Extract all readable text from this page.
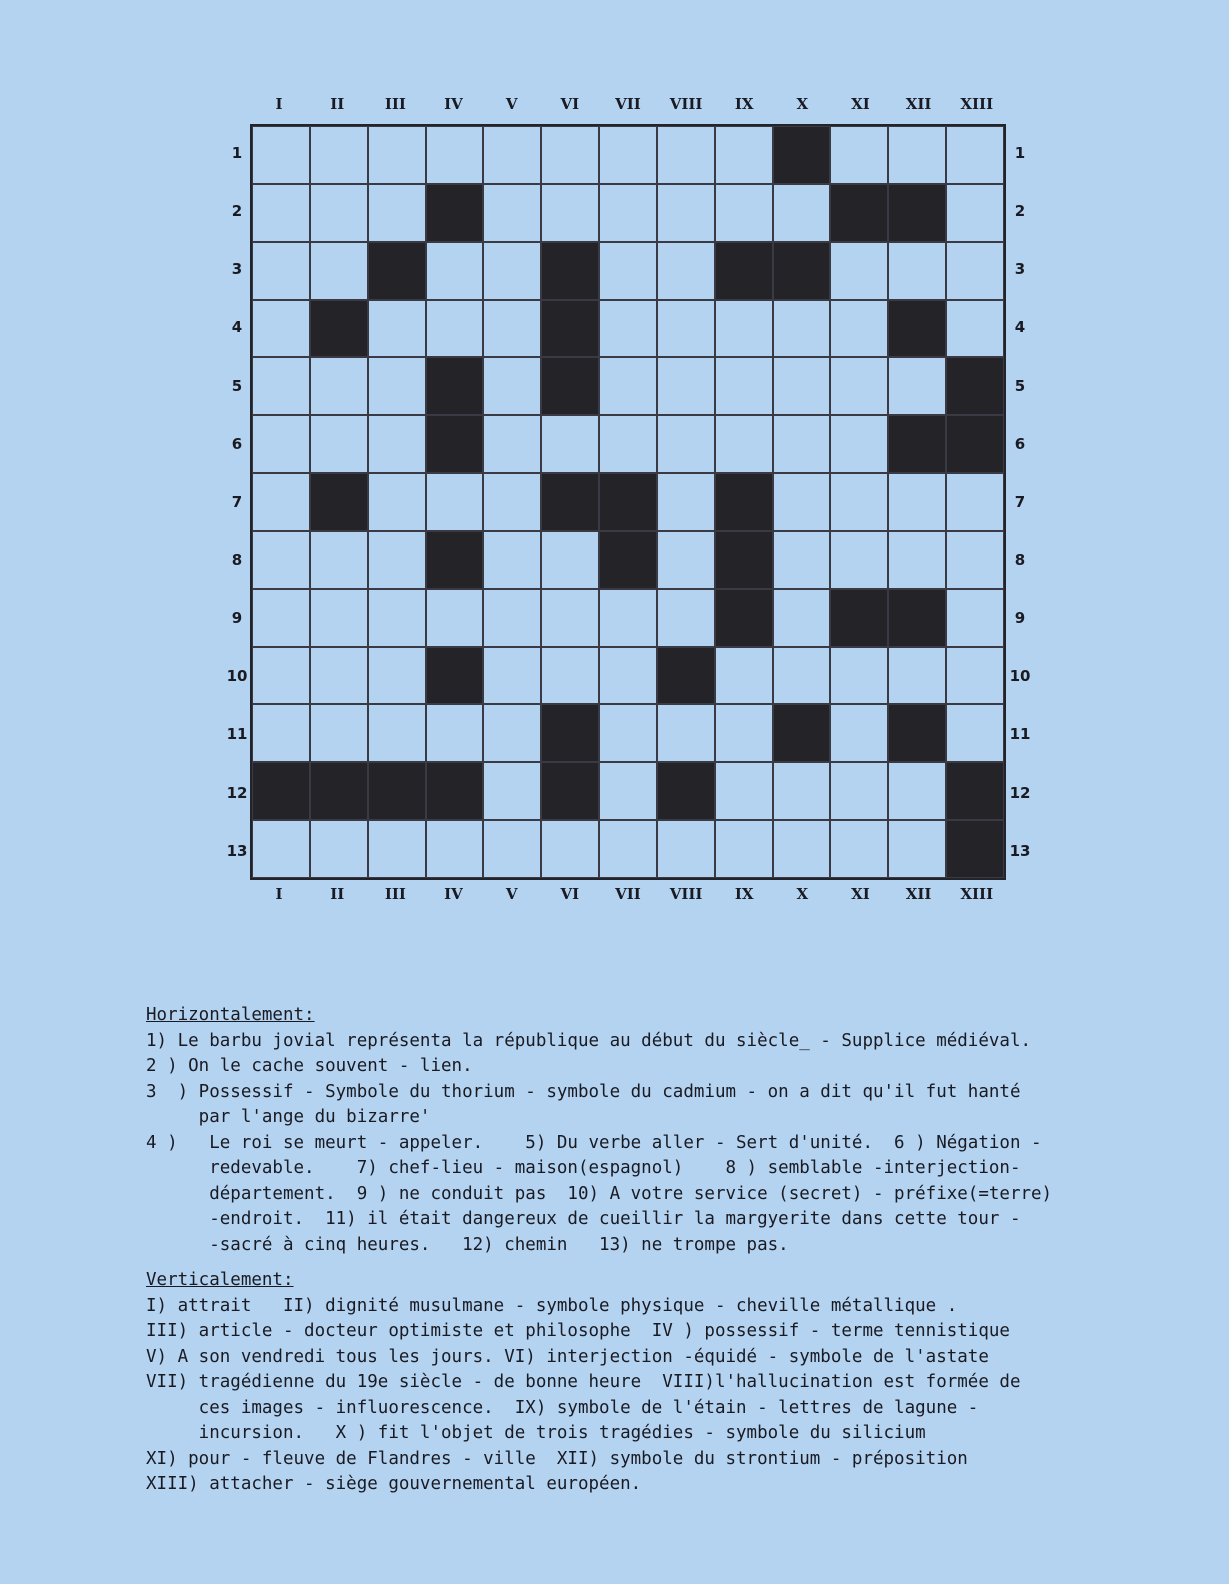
I	II	III	IV	V	VI	VII	VIII	IX	X	XI	XII	XIII
1
2
3
4
5
6
7
8
9
10
11
12
13
1
2
3
4
5
6
7
8
9
10
11
12
13
I	II	III	IV	V	VI	VII	VIII	IX	X	XI	XII	XIII

Horizontalement:

1) Le barbu jovial représenta la république au début du siècle_ - Supplice médiéval.

2 ) On le cache souvent - lien.

3  ) Possessif - Symbole du thorium - symbole du cadmium - on a dit qu'il fut hanté

par l'ange du bizarre'

4 )   Le roi se meurt - appeler.    5) Du verbe aller - Sert d'unité.  6 ) Négation -

redevable.    7) chef-lieu - maison(espagnol)    8 ) semblable -interjection-

département.  9 ) ne conduit pas  10) A votre service (secret) - préfixe(=terre)

-endroit.  11) il était dangereux de cueillir la margyerite dans cette tour -

-sacré à cinq heures.   12) chemin   13) ne trompe pas.

Verticalement:

I) attrait   II) dignité musulmane - symbole physique - cheville métallique .

III) article - docteur optimiste et philosophe  IV ) possessif - terme tennistique

V) A son vendredi tous les jours. VI) interjection -équidé - symbole de l'astate

VII) tragédienne du 19e siècle - de bonne heure  VIII)l'hallucination est formée de

ces images - influorescence.  IX) symbole de l'étain - lettres de lagune -

incursion.   X ) fit l'objet de trois tragédies - symbole du silicium

XI) pour - fleuve de Flandres - ville  XII) symbole du strontium - préposition

XIII) attacher - siège gouvernemental européen.
